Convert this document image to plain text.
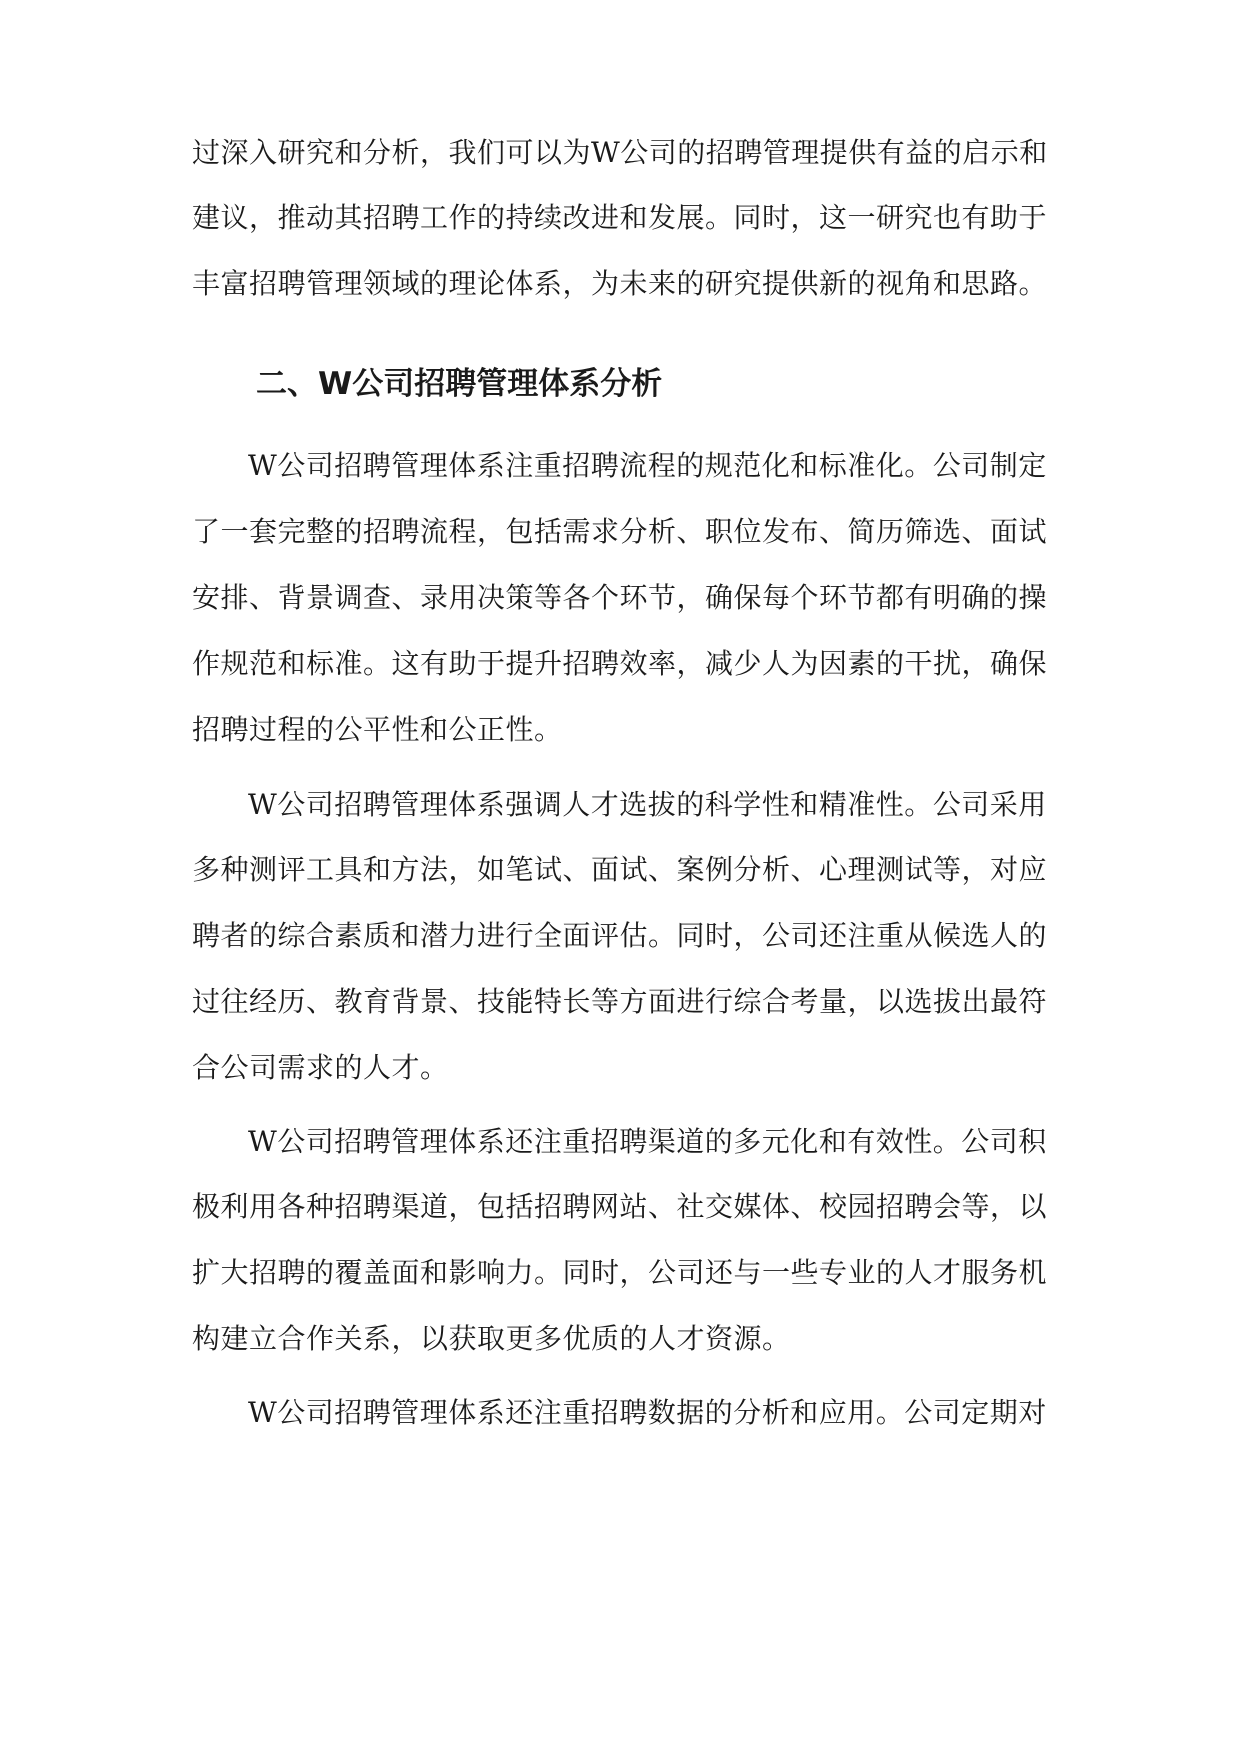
过深入研究和分析，我们可以为W公司的招聘管理提供有益的启示和
建议，推动其招聘工作的持续改进和发展。同时，这一研究也有助于
丰富招聘管理领域的理论体系，为未来的研究提供新的视角和思路。
二、W公司招聘管理体系分析
W公司招聘管理体系注重招聘流程的规范化和标准化。公司制定
了一套完整的招聘流程，包括需求分析、职位发布、简历筛选、面试
安排、背景调查、录用决策等各个环节，确保每个环节都有明确的操
作规范和标准。这有助于提升招聘效率，减少人为因素的干扰，确保
招聘过程的公平性和公正性。
W公司招聘管理体系强调人才选拔的科学性和精准性。公司采用
多种测评工具和方法，如笔试、面试、案例分析、心理测试等，对应
聘者的综合素质和潜力进行全面评估。同时，公司还注重从候选人的
过往经历、教育背景、技能特长等方面进行综合考量，以选拔出最符
合公司需求的人才。
W公司招聘管理体系还注重招聘渠道的多元化和有效性。公司积
极利用各种招聘渠道，包括招聘网站、社交媒体、校园招聘会等，以
扩大招聘的覆盖面和影响力。同时，公司还与一些专业的人才服务机
构建立合作关系，以获取更多优质的人才资源。
W公司招聘管理体系还注重招聘数据的分析和应用。公司定期对
